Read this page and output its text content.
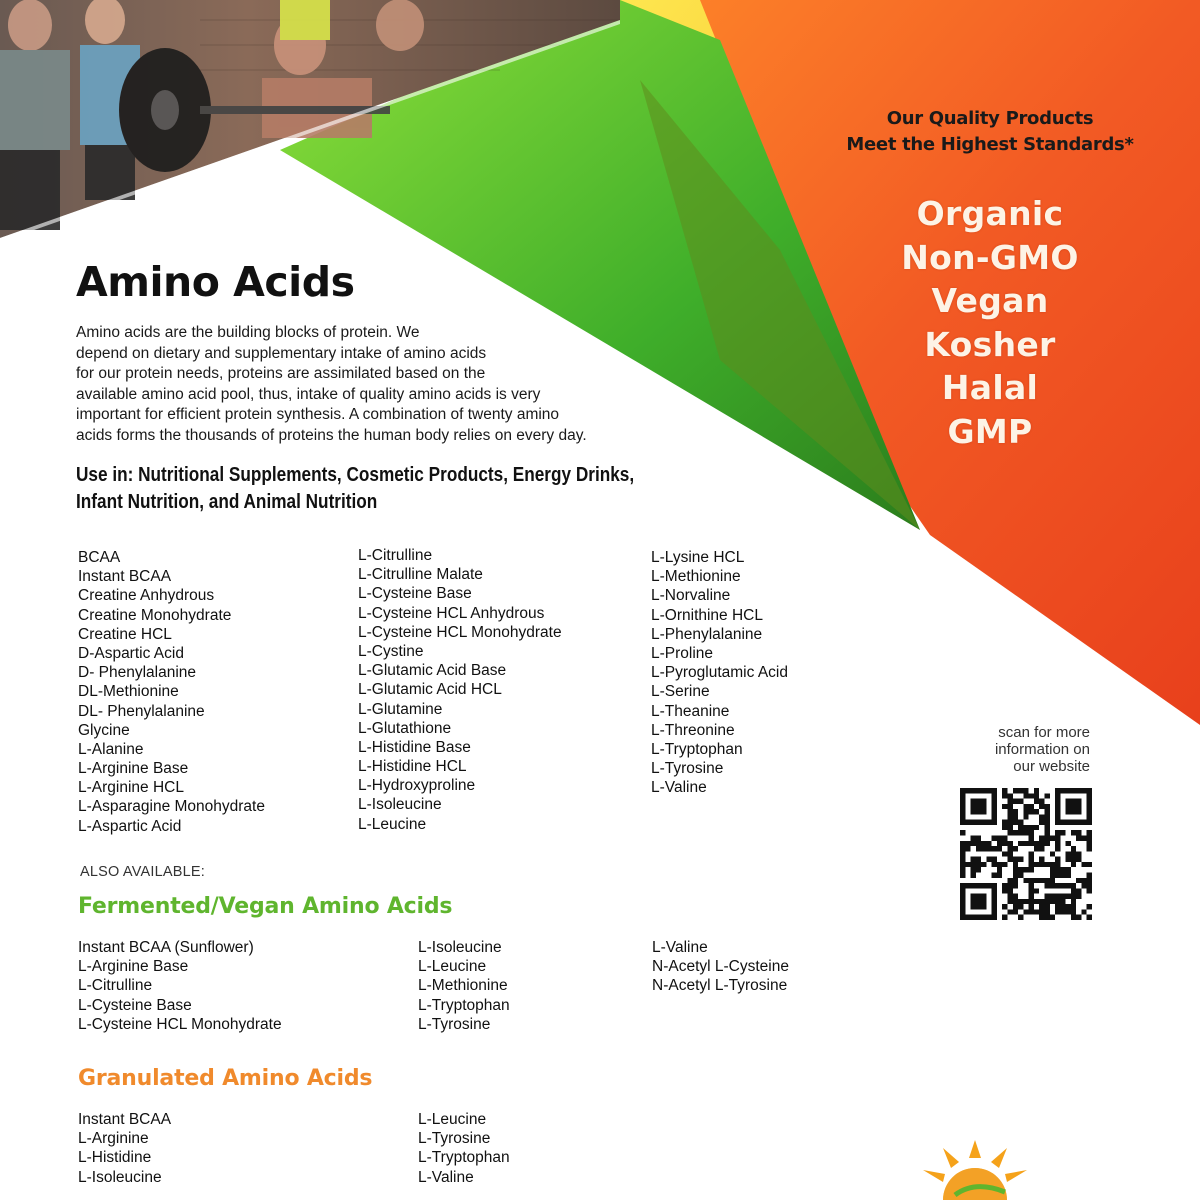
Our Quality Products
Meet the Highest Standards*
Organic
Non-GMO
Vegan
Kosher
Halal
GMP
Amino Acids
Amino acids are the building blocks of protein. We
depend on dietary and supplementary intake of amino acids
for our protein needs, proteins are assimilated based on the
available amino acid pool, thus, intake of quality amino acids is very
important for efficient protein synthesis. A combination of twenty amino
acids forms the thousands of proteins the human body relies on every day.
Use in: Nutritional Supplements, Cosmetic Products, Energy Drinks,
Infant Nutrition, and Animal Nutrition
BCAA
Instant BCAA
Creatine Anhydrous
Creatine Monohydrate
Creatine HCL
D-Aspartic Acid
D- Phenylalanine
DL-Methionine
DL- Phenylalanine
Glycine
L-Alanine
L-Arginine Base
L-Arginine HCL
L-Asparagine Monohydrate
L-Aspartic Acid
L-Citrulline
L-Citrulline Malate
L-Cysteine Base
L-Cysteine HCL Anhydrous
L-Cysteine HCL Monohydrate
L-Cystine
L-Glutamic Acid Base
L-Glutamic Acid HCL
L-Glutamine
L-Glutathione
L-Histidine Base
L-Histidine HCL
L-Hydroxyproline
L-Isoleucine
L-Leucine
L-Lysine HCL
L-Methionine
L-Norvaline
L-Ornithine HCL
L-Phenylalanine
L-Proline
L-Pyroglutamic Acid
L-Serine
L-Theanine
L-Threonine
L-Tryptophan
L-Tyrosine
L-Valine
ALSO AVAILABLE:
Fermented/Vegan Amino Acids
Instant BCAA (Sunflower)
L-Arginine Base
L-Citrulline
L-Cysteine Base
L-Cysteine HCL Monohydrate
L-Isoleucine
L-Leucine
L-Methionine
L-Tryptophan
L-Tyrosine
L-Valine
N-Acetyl L-Cysteine
N-Acetyl L-Tyrosine
Granulated Amino Acids
Instant BCAA
L-Arginine
L-Histidine
L-Isoleucine
L-Leucine
L-Tyrosine
L-Tryptophan
L-Valine
scan for more
information on
our website
